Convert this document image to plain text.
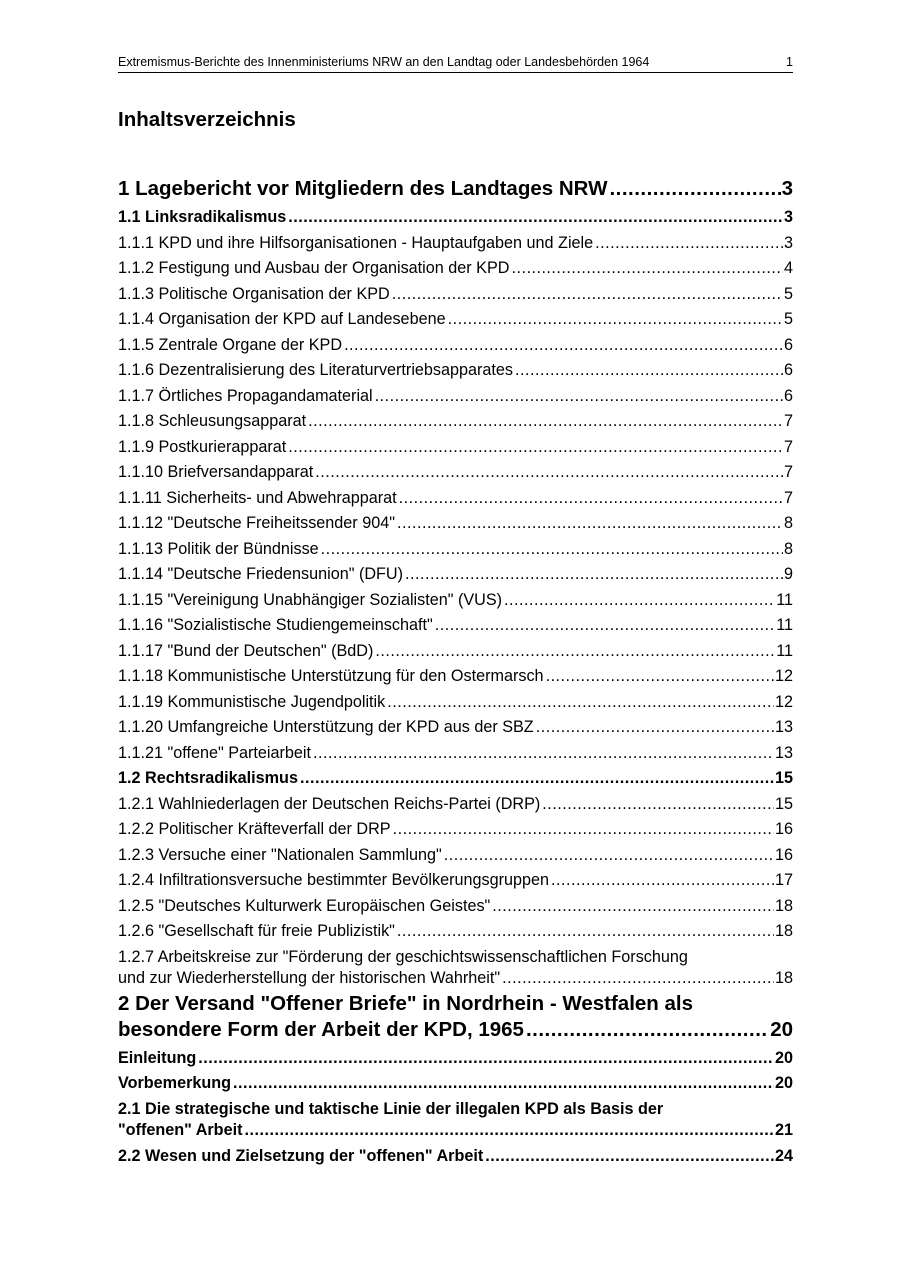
Extremismus-Berichte des Innenministeriums NRW an den Landtag oder Landesbehörden 1964	1
Inhaltsverzeichnis
1 Lagebericht vor Mitgliedern des Landtages NRW .....	3
1.1 Linksradikalismus .....	3
1.1.1 KPD und ihre Hilfsorganisationen - Hauptaufgaben und Ziele .....	3
1.1.2 Festigung und Ausbau der Organisation der KPD .....	4
1.1.3 Politische Organisation der KPD .....	5
1.1.4 Organisation der KPD auf Landesebene .....	5
1.1.5 Zentrale Organe der KPD .....	6
1.1.6 Dezentralisierung des Literaturvertriebsapparates .....	6
1.1.7 Örtliches Propagandamaterial .....	6
1.1.8 Schleusungsapparat .....	7
1.1.9 Postkurierapparat .....	7
1.1.10 Briefversandapparat .....	7
1.1.11 Sicherheits- und Abwehrapparat .....	7
1.1.12 "Deutsche Freiheitssender 904" .....	8
1.1.13 Politik der Bündnisse .....	8
1.1.14 "Deutsche Friedensunion" (DFU) .....	9
1.1.15 "Vereinigung Unabhängiger Sozialisten" (VUS) .....	11
1.1.16 "Sozialistische Studiengemeinschaft" .....	11
1.1.17 "Bund der Deutschen" (BdD) .....	11
1.1.18 Kommunistische Unterstützung für den Ostermarsch .....	12
1.1.19 Kommunistische Jugendpolitik .....	12
1.1.20 Umfangreiche Unterstützung der KPD aus der SBZ .....	13
1.1.21 "offene" Parteiarbeit .....	13
1.2 Rechtsradikalismus .....	15
1.2.1 Wahlniederlagen der Deutschen Reichs-Partei (DRP) .....	15
1.2.2 Politischer Kräfteverfall der DRP .....	16
1.2.3 Versuche einer "Nationalen Sammlung" .....	16
1.2.4 Infiltrationsversuche bestimmter Bevölkerungsgruppen .....	17
1.2.5 "Deutsches Kulturwerk Europäischen Geistes" .....	18
1.2.6 "Gesellschaft für freie Publizistik" .....	18
1.2.7 Arbeitskreise zur "Förderung der geschichtswissenschaftlichen Forschung
und zur Wiederherstellung der historischen Wahrheit" .....	18
2 Der Versand "Offener Briefe" in Nordrhein - Westfalen als
besondere Form der Arbeit der KPD, 1965 .....	20
Einleitung .....	20
Vorbemerkung .....	20
2.1 Die strategische und taktische Linie der illegalen KPD als Basis der
"offenen" Arbeit .....	21
2.2 Wesen und Zielsetzung der "offenen" Arbeit .....	24
